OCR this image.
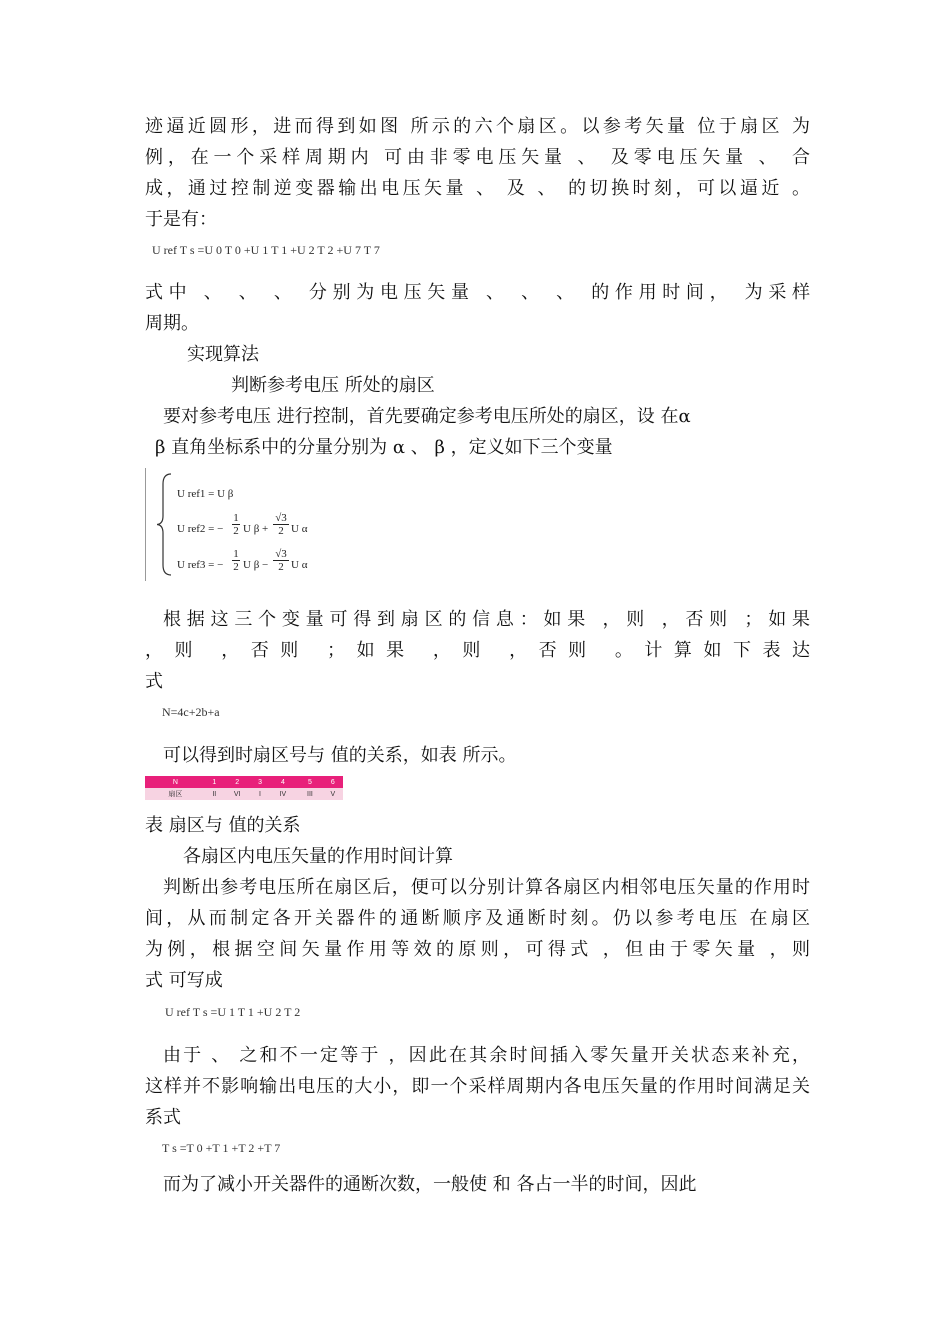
迹逼近圆形，进而得到如图 所示的六个扇区。以参考矢量 位于扇区 为
例，在一个采样周期内 可由非零电压矢量 、 及零电压矢量 、 合
成，通过控制逆变器输出电压矢量 、 及 、 的切换时刻，可以逼近 。
于是有：
U ref T s =U 0 T 0 +U 1 T 1 +U 2 T 2 +U 7 T 7
式中 、 、 、 分别为电压矢量 、 、 、 的作用时间， 为采样
周期。
实现算法
判断参考电压 所处的扇区
要对参考电压 进行控制，首先要确定参考电压所处的扇区，设 在α
β 直角坐标系中的分量分别为 α 、 β ，定义如下三个变量
U ref1 = U β
U ref2 = −
1
2 U β +
√3
2 U α
U ref3 = −
1
2 U β −
√3
2 U α
根据这三个变量可得到扇区的信息：如果 ，则 ，否则 ；如果
，则 ，否则 ；如果 ，则 ，否则 。计算如下表达
式
N=4c+2b+a
可以得到时扇区号与 值的关系，如表 所示。
N	1	2	3	4	5	6
扇区	II	VI	I	IV	III	V
表 扇区与 值的关系
各扇区内电压矢量的作用时间计算
判断出参考电压所在扇区后，便可以分别计算各扇区内相邻电压矢量的作用时
间，从而制定各开关器件的通断顺序及通断时刻。仍以参考电压 在扇区
为例，根据空间矢量作用等效的原则，可得式 ，但由于零矢量 ，则
式 可写成
U ref T s =U 1 T 1 +U 2 T 2
由于 、 之和不一定等于 ，因此在其余时间插入零矢量开关状态来补充，
这样并不影响输出电压的大小，即一个采样周期内各电压矢量的作用时间满足关
系式
T s =T 0 +T 1 +T 2 +T 7
而为了减小开关器件的通断次数，一般使 和 各占一半的时间，因此
